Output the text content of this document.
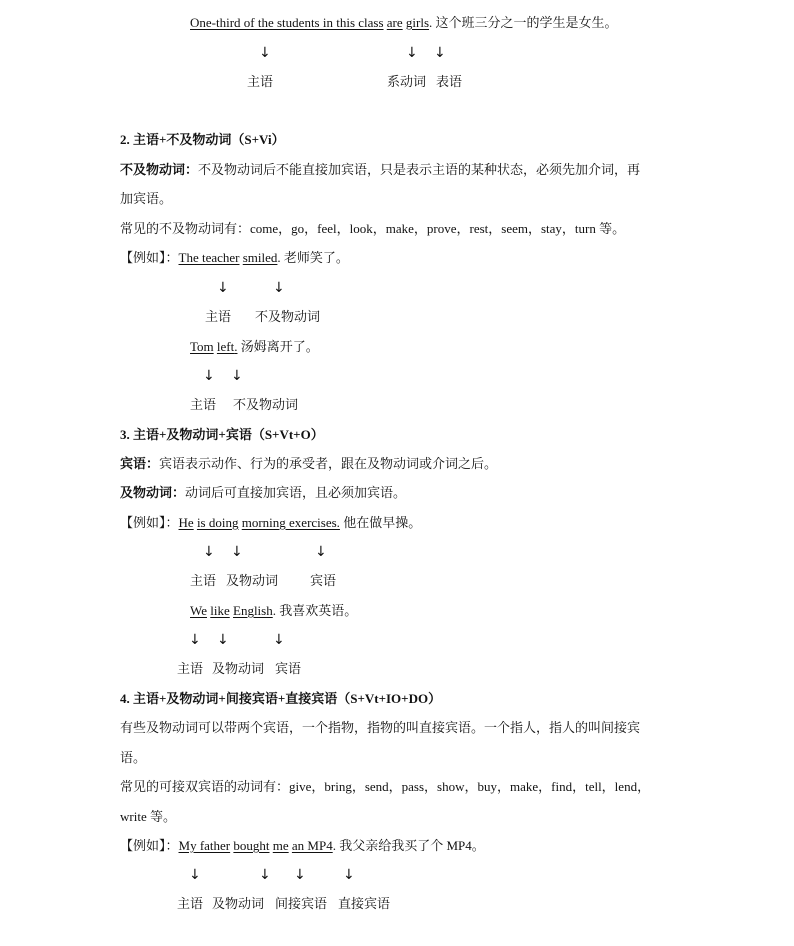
One-third of the students in this class are girls. 这个班三分之一的学生是女生。
↓	↓ ↓
主语	系动词 表语
2. 主语+不及物动词（S+Vi）
不及物动词：不及物动词后不能直接加宾语，只是表示主语的某种状态，必须先加介词，再
加宾语。
常见的不及物动词有：come，go，feel，look，make，prove，rest，seem，stay，turn 等。
【例如】：The teacher smiled. 老师笑了。
↓	↓
主语 不及物动词
Tom left. 汤姆离开了。
↓ ↓
主语 不及物动词
3. 主语+及物动词+宾语（S+Vt+O）
宾语：宾语表示动作、行为的承受者，跟在及物动词或介词之后。
及物动词：动词后可直接加宾语，且必须加宾语。
【例如】：He is doing morning exercises. 他在做早操。
↓ ↓	↓
主语 及物动词 宾语
We like English. 我喜欢英语。
↓ ↓	↓
主语 及物动词 宾语
4. 主语+及物动词+间接宾语+直接宾语（S+Vt+IO+DO）
有些及物动词可以带两个宾语，一个指物，指物的叫直接宾语。一个指人，指人的叫间接宾
语。
常见的可接双宾语的动词有：give，bring，send，pass，show，buy，make，find，tell，lend，
write 等。
【例如】：My father bought me an MP4. 我父亲给我买了个 MP4。
↓	↓ ↓	↓
主语 及物动词 间接宾语 直接宾语
